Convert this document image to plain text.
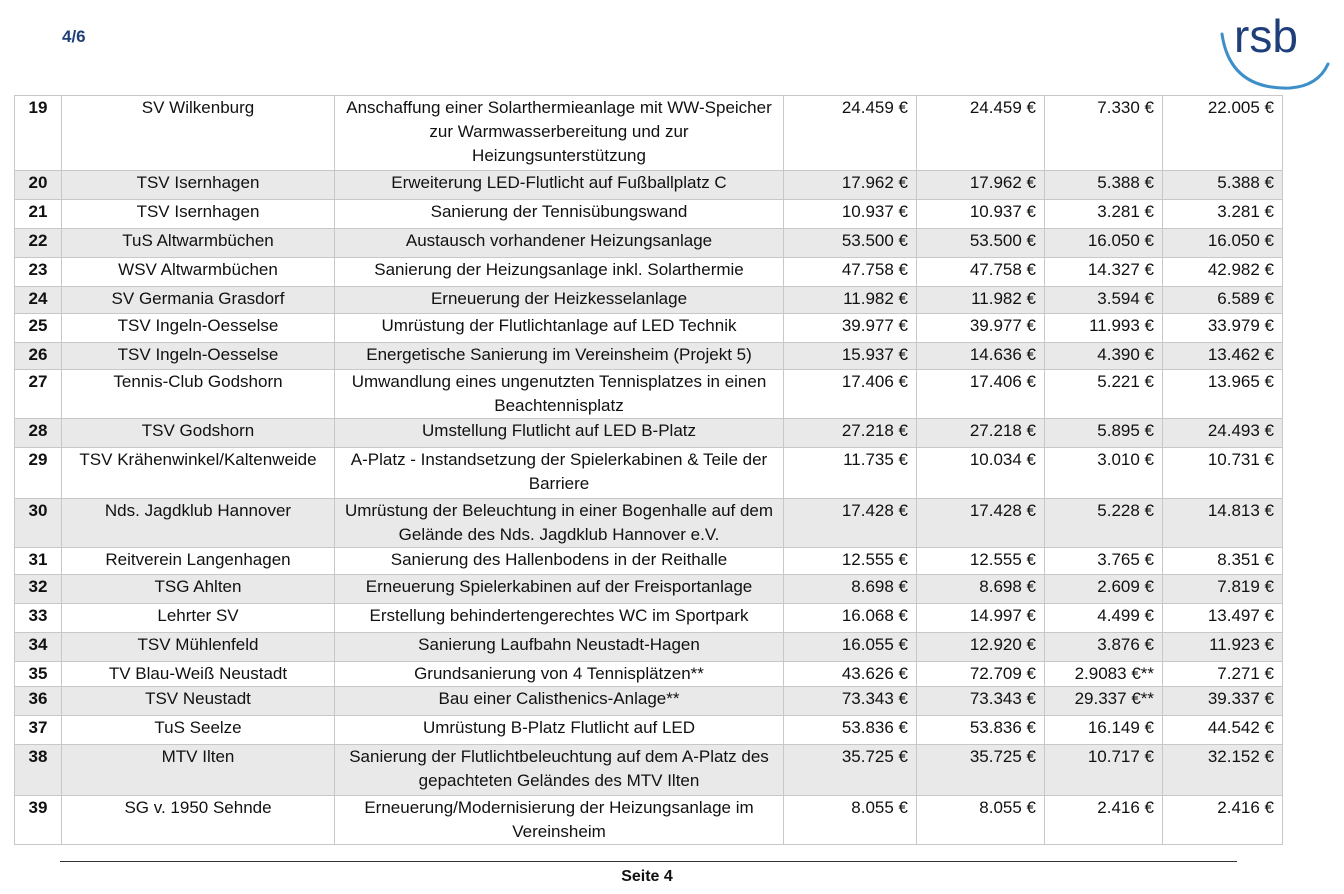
4/6	rsb
19	SV Wilkenburg	Anschaffung einer Solarthermieanlage mit WW-Speicher zur Warmwasserbereitung und zur Heizungsunterstützung	24.459 €	24.459 €	7.330 €	22.005 €
20	TSV Isernhagen	Erweiterung LED-Flutlicht auf Fußballplatz C	17.962 €	17.962 €	5.388 €	5.388 €
21	TSV Isernhagen	Sanierung der Tennisübungswand	10.937 €	10.937 €	3.281 €	3.281 €
22	TuS Altwarmbüchen	Austausch vorhandener Heizungsanlage	53.500 €	53.500 €	16.050 €	16.050 €
23	WSV Altwarmbüchen	Sanierung der Heizungsanlage inkl. Solarthermie	47.758 €	47.758 €	14.327 €	42.982 €
24	SV Germania Grasdorf	Erneuerung der Heizkesselanlage	11.982 €	11.982 €	3.594 €	6.589 €
25	TSV Ingeln-Oesselse	Umrüstung der Flutlichtanlage auf LED Technik	39.977 €	39.977 €	11.993 €	33.979 €
26	TSV Ingeln-Oesselse	Energetische Sanierung im Vereinsheim (Projekt 5)	15.937 €	14.636 €	4.390 €	13.462 €
27	Tennis-Club Godshorn	Umwandlung eines ungenutzten Tennisplatzes in einen Beachtennisplatz	17.406 €	17.406 €	5.221 €	13.965 €
28	TSV Godshorn	Umstellung Flutlicht auf LED B-Platz	27.218 €	27.218 €	5.895 €	24.493 €
29	TSV Krähenwinkel/Kaltenweide	A-Platz - Instandsetzung der Spielerkabinen & Teile der Barriere	11.735 €	10.034 €	3.010 €	10.731 €
30	Nds. Jagdklub Hannover	Umrüstung der Beleuchtung in einer Bogenhalle auf dem Gelände des Nds. Jagdklub Hannover e.V.	17.428 €	17.428 €	5.228 €	14.813 €
31	Reitverein Langenhagen	Sanierung des Hallenbodens in der Reithalle	12.555 €	12.555 €	3.765 €	8.351 €
32	TSG Ahlten	Erneuerung Spielerkabinen auf der Freisportanlage	8.698 €	8.698 €	2.609 €	7.819 €
33	Lehrter SV	Erstellung behindertengerechtes WC im Sportpark	16.068 €	14.997 €	4.499 €	13.497 €
34	TSV Mühlenfeld	Sanierung Laufbahn Neustadt-Hagen	16.055 €	12.920 €	3.876 €	11.923 €
35	TV Blau-Weiß Neustadt	Grundsanierung von 4 Tennisplätzen**	43.626 €	72.709 €	2.9083 €**	7.271 €
36	TSV Neustadt	Bau einer Calisthenics-Anlage**	73.343 €	73.343 €	29.337 €**	39.337 €
37	TuS Seelze	Umrüstung B-Platz Flutlicht auf LED	53.836 €	53.836 €	16.149 €	44.542 €
38	MTV Ilten	Sanierung der Flutlichtbeleuchtung auf dem A-Platz des gepachteten Geländes des MTV Ilten	35.725 €	35.725 €	10.717 €	32.152 €
39	SG v. 1950 Sehnde	Erneuerung/Modernisierung der Heizungsanlage im Vereinsheim	8.055 €	8.055 €	2.416 €	2.416 €
Seite 4
